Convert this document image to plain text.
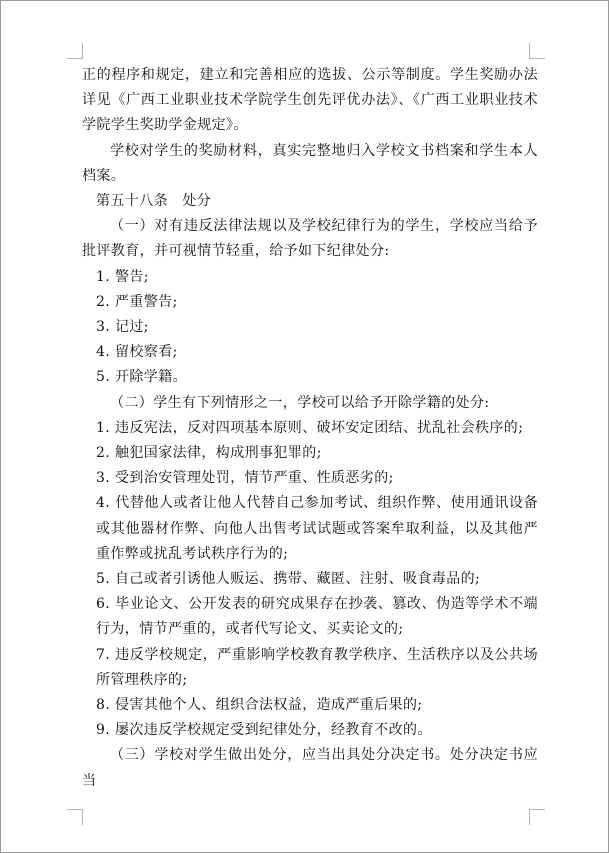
正的程序和规定，建立和完善相应的选拔、公示等制度。学生奖励办法详见《广西工业职业技术学院学生创先评优办法》、《广西工业职业技术学院学生奖助学金规定》。

学校对学生的奖励材料，真实完整地归入学校文书档案和学生本人档案。

第五十八条　处分

（一）对有违反法律法规以及学校纪律行为的学生，学校应当给予批评教育，并可视情节轻重，给予如下纪律处分:

1. 警告;

2. 严重警告;

3. 记过;

4. 留校察看;

5. 开除学籍。

（二）学生有下列情形之一，学校可以给予开除学籍的处分:

1. 违反宪法，反对四项基本原则、破坏安定团结、扰乱社会秩序的;

2. 触犯国家法律，构成刑事犯罪的;

3. 受到治安管理处罚，情节严重、性质恶劣的;

4. 代替他人或者让他人代替自己参加考试、组织作弊、使用通讯设备或其他器材作弊、向他人出售考试试题或答案牟取利益，以及其他严重作弊或扰乱考试秩序行为的;

5. 自己或者引诱他人贩运、携带、藏匿、注射、吸食毒品的;

6. 毕业论文、公开发表的研究成果存在抄袭、篡改、伪造等学术不端行为，情节严重的，或者代写论文、买卖论文的;

7. 违反学校规定，严重影响学校教育教学秩序、生活秩序以及公共场所管理秩序的;

8. 侵害其他个人、组织合法权益，造成严重后果的;

9. 屡次违反学校规定受到纪律处分，经教育不改的。

（三）学校对学生做出处分，应当出具处分决定书。处分决定书应当
